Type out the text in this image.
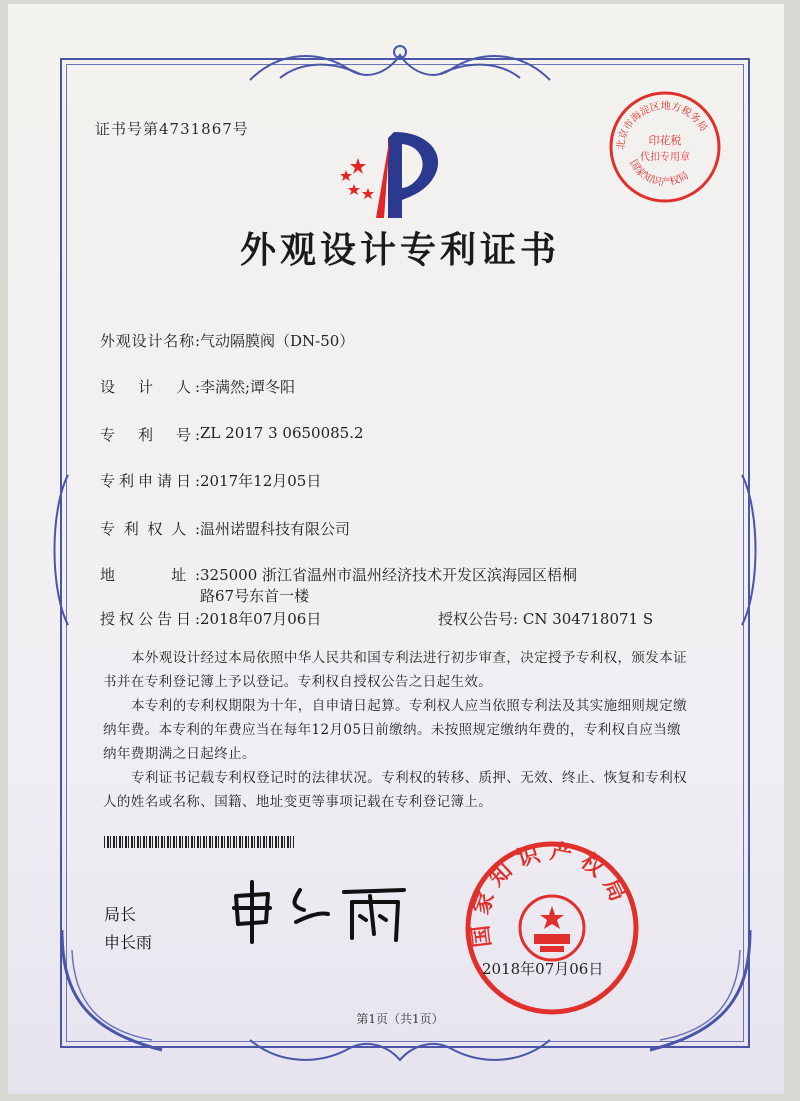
证书号第4731867号
北京市海淀区地方税务局
印花税
代扣专用章
国家知识产权局
外观设计专利证书
外观设计名称:气动隔膜阀（DN-50）
设　计　人:李满然;谭冬阳
专　利　号:ZL 2017 3 0650085.2
专利申请日:2017年12月05日
专利权人:温州诺盟科技有限公司
地　　址:325000 浙江省温州市温州经济技术开发区滨海园区梧桐
路67号东首一楼
授权公告日:2018年07月06日	授权公告号: CN 304718071 S
本外观设计经过本局依照中华人民共和国专利法进行初步审查，决定授予专利权，颁发本证书并在专利登记簿上予以登记。专利权自授权公告之日起生效。
本专利的专利权期限为十年，自申请日起算。专利权人应当依照专利法及其实施细则规定缴纳年费。本专利的年费应当在每年12月05日前缴纳。未按照规定缴纳年费的，专利权自应当缴纳年费期满之日起终止。
专利证书记载专利权登记时的法律状况。专利权的转移、质押、无效、终止、恢复和专利权人的姓名或名称、国籍、地址变更等事项记载在专利登记簿上。
局长
申长雨	国家知识产权局
2018年07月06日
第1页（共1页）
